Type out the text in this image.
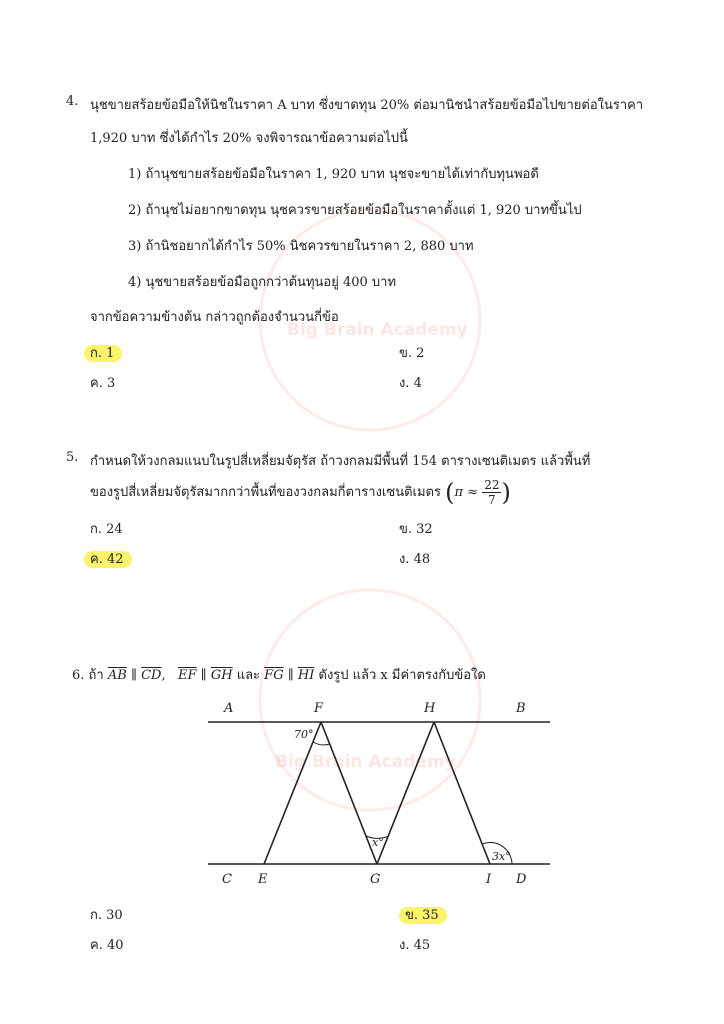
Big Brain Academy
Big Brain Academy
4. นุชขายสร้อยข้อมือให้นิชในราคา A บาท ซึ่งขาดทุน 20% ต่อมานิชนำสร้อยข้อมือไปขายต่อในราคา
1,920 บาท ซึ่งได้กำไร 20% จงพิจารณาข้อความต่อไปนี้
1) ถ้านุชขายสร้อยข้อมือในราคา 1, 920 บาท นุชจะขายได้เท่ากับทุนพอดี
2) ถ้านุชไม่อยากขาดทุน นุชควรขายสร้อยข้อมือในราคาตั้งแต่ 1, 920 บาทขึ้นไป
3) ถ้านิชอยากได้กำไร 50% นิชควรขายในราคา 2, 880 บาท
4) นุชขายสร้อยข้อมือถูกกว่าต้นทุนอยู่ 400 บาท
จากข้อความข้างต้น กล่าวถูกต้องจำนวนกี่ข้อ
ก. 1	ข. 2
ค. 3	ง. 4
5. กำหนดให้วงกลมแนบในรูปสี่เหลี่ยมจัตุรัส ถ้าวงกลมมีพื้นที่ 154 ตารางเซนติเมตร แล้วพื้นที่
ของรูปสี่เหลี่ยมจัตุรัสมากกว่าพื้นที่ของวงกลมกี่ตารางเซนติเมตร ($\pi \approx \frac{22}{7}$ )
ก. 24	ข. 32
ค. 42	ง. 48
6. ถ้า $\overline{AB}$ ∥ $\overline{CD}$,   $\overline{EF}$ ∥ $\overline{GH}$ และ $\overline{FG}$ ∥ $\overline{HI}$ ดังรูป แล้ว x มีค่าตรงกับข้อใด
A	F	H	B
C E	G	I D
70°
x°
3x°
ก. 30	ข. 35
ค. 40	ง. 45
